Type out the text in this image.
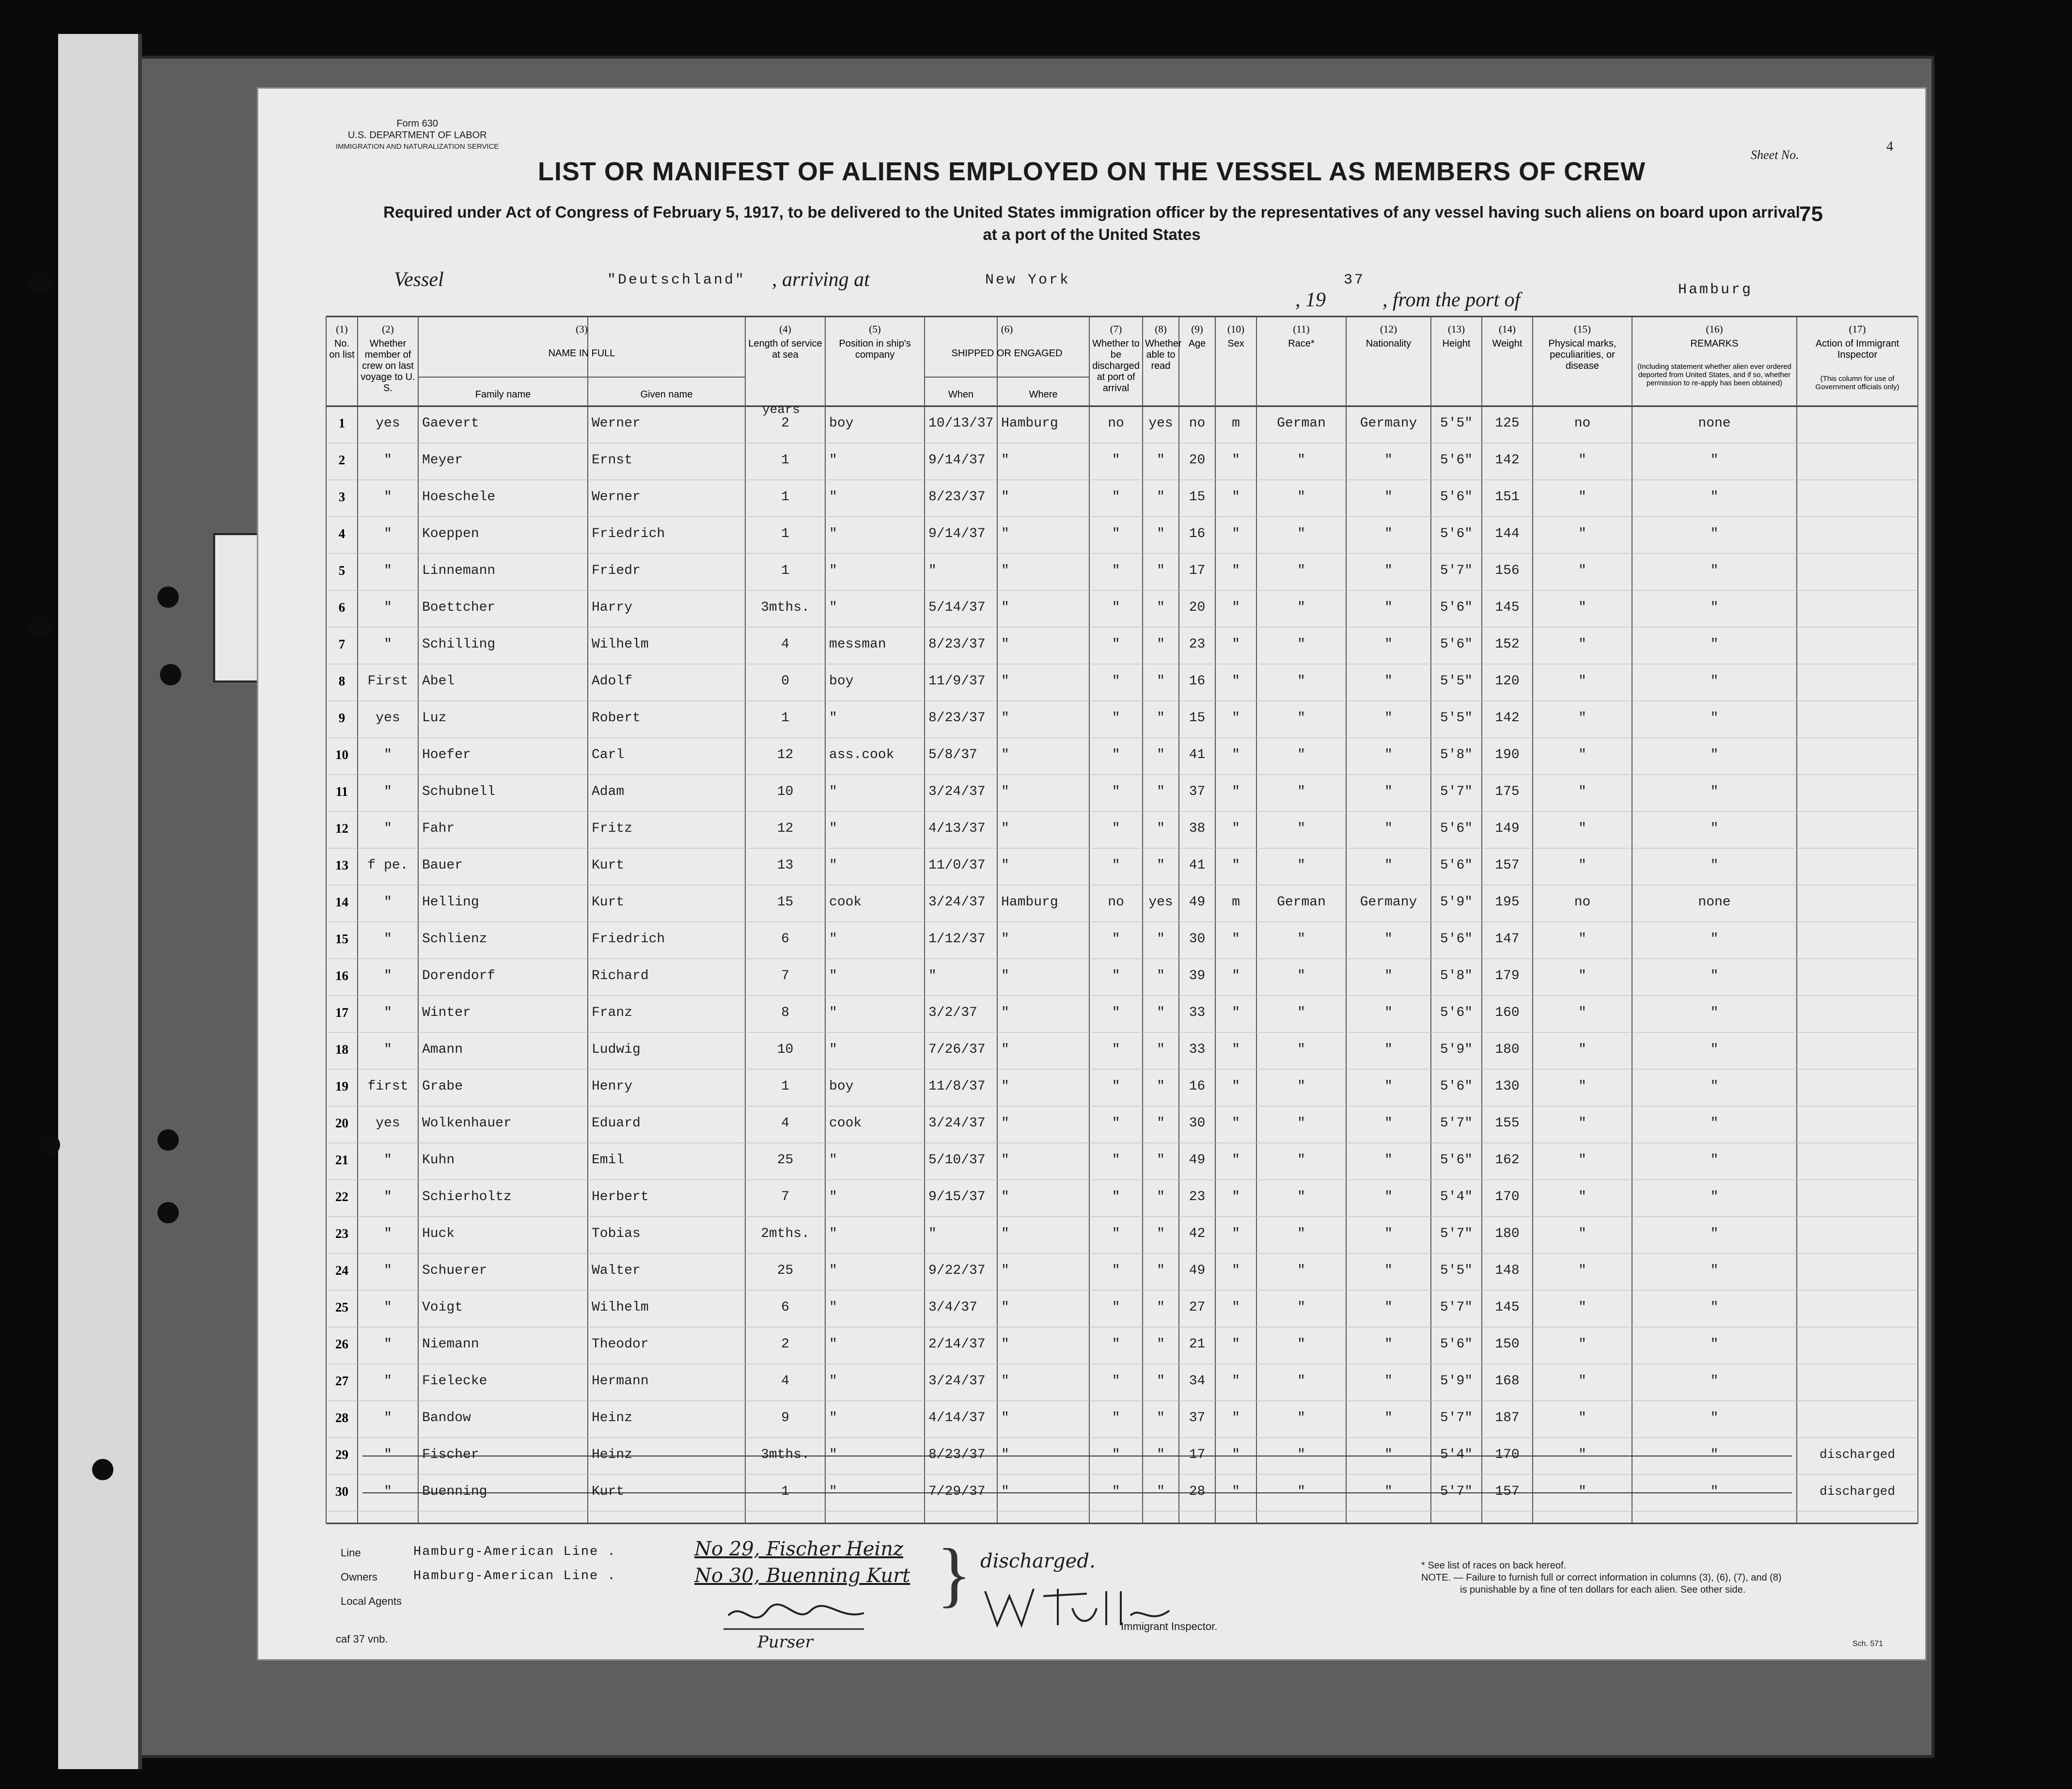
Form 630
U.S. DEPARTMENT OF LABOR
IMMIGRATION AND NATURALIZATION SERVICE
Sheet No.
4
LIST OR MANIFEST OF ALIENS EMPLOYED ON THE VESSEL AS MEMBERS OF CREW
Required under Act of Congress of February 5, 1917, to be delivered to the United States immigration officer by the representatives of any vessel having such aliens on board upon arrival
at a port of the United States
75
Vessel	"Deutschland" , arriving at	New York
, 19
37
, from the port of	Hamburg
(1)
No. on list
(2)
Whether member of crew on last voyage to U. S.
(3)
NAME IN FULL
(4)
Length of service at sea
(5)
Position in ship's company
(6)
SHIPPED OR ENGAGED
(7)
Whether to be discharged at port of arrival
(8)
Whether able to read
(9)
Age
(10)
Sex
(11)
Race*
(12)
Nationality
(13)
Height
(14)
Weight
(15)
Physical marks, peculiarities, or disease
(16)
REMARKS
(17)
Action of Immigrant Inspector
Family name	Given name	When	Where
(Including statement whether alien ever ordered deported from United States, and if so, whether permission to re-apply has been obtained)
(This column for use of Government officials only)
1	yes	Gaevert	Werner	2	boy	10/13/37 Hamburg	no	yes	no	m	German	Germany	5'5"	125	no	none
2	"	Meyer	Ernst	1	"	9/14/37	"	"	"	20	"	"	"	5'6"	142	"	"
3	"	Hoeschele	Werner	1	"	8/23/37	"	"	"	15	"	"	"	5'6"	151	"	"
4	"	Koeppen	Friedrich	1	"	9/14/37	"	"	"	16	"	"	"	5'6"	144	"	"
5	"	Linnemann	Friedr	1	"	"	"	"	"	17	"	"	"	5'7"	156	"	"
6	"	Boettcher	Harry	3mths.	"	5/14/37	"	"	"	20	"	"	"	5'6"	145	"	"
7	"	Schilling	Wilhelm	4	messman	8/23/37	"	"	"	23	"	"	"	5'6"	152	"	"
8	First	Abel	Adolf	0	boy	11/9/37	"	"	"	16	"	"	"	5'5"	120	"	"
9	yes	Luz	Robert	1	"	8/23/37	"	"	"	15	"	"	"	5'5"	142	"	"
10	"	Hoefer	Carl	12	ass.cook	5/8/37	"	"	"	41	"	"	"	5'8"	190	"	"
11	"	Schubnell	Adam	10	"	3/24/37	"	"	"	37	"	"	"	5'7"	175	"	"
12	"	Fahr	Fritz	12	"	4/13/37	"	"	"	38	"	"	"	5'6"	149	"	"
13	f pe.	Bauer	Kurt	13	"	11/0/37	"	"	"	41	"	"	"	5'6"	157	"	"
14	"	Helling	Kurt	15	cook	3/24/37	Hamburg	no	yes	49	m	German	Germany	5'9"	195	no	none
15	"	Schlienz	Friedrich	6	"	1/12/37	"	"	"	30	"	"	"	5'6"	147	"	"
16	"	Dorendorf	Richard	7	"	"	"	"	"	39	"	"	"	5'8"	179	"	"
17	"	Winter	Franz	8	"	3/2/37	"	"	"	33	"	"	"	5'6"	160	"	"
18	"	Amann	Ludwig	10	"	7/26/37	"	"	"	33	"	"	"	5'9"	180	"	"
19	first	Grabe	Henry	1	boy	11/8/37	"	"	"	16	"	"	"	5'6"	130	"	"
20	yes	Wolkenhauer	Eduard	4	cook	3/24/37	"	"	"	30	"	"	"	5'7"	155	"	"
21	"	Kuhn	Emil	25	"	5/10/37	"	"	"	49	"	"	"	5'6"	162	"	"
22	"	Schierholtz	Herbert	7	"	9/15/37	"	"	"	23	"	"	"	5'4"	170	"	"
23	"	Huck	Tobias	2mths.	"	"	"	"	"	42	"	"	"	5'7"	180	"	"
24	"	Schuerer	Walter	25	"	9/22/37	"	"	"	49	"	"	"	5'5"	148	"	"
25	"	Voigt	Wilhelm	6	"	3/4/37	"	"	"	27	"	"	"	5'7"	145	"	"
26	"	Niemann	Theodor	2	"	2/14/37	"	"	"	21	"	"	"	5'6"	150	"	"
27	"	Fielecke	Hermann	4	"	3/24/37	"	"	"	34	"	"	"	5'9"	168	"	"
28	"	Bandow	Heinz	9	"	4/14/37	"	"	"	37	"	"	"	5'7"	187	"	"
29	"	Fischer	Heinz	3mths.	"	8/23/37	"	"	"	17	"	"	"	5'4"	170	"	"	discharged
30	"	Buenning	Kurt	1	"	7/29/37	"	"	"	28	"	"	"	5'7"	157	"	"	discharged
years
caf 37 vnb.
Line	Hamburg-American Line .
Owners	Hamburg-American Line .
Local Agents
No 29, Fischer Heinz
No 30, Buenning Kurt
discharged.
}
Purser
Immigrant Inspector.
* See list of races on back hereof.
NOTE. — Failure to furnish full or correct information in columns (3), (6), (7), and (8)
is punishable by a fine of ten dollars for each alien. See other side.
Sch. 571
